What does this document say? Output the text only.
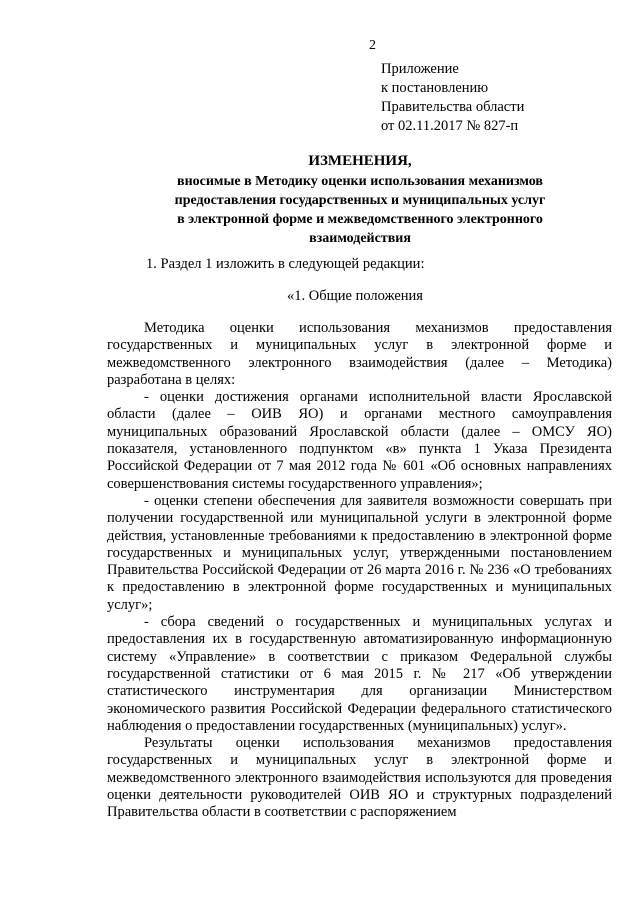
2
Приложение
к постановлению
Правительства области
от 02.11.2017 № 827-п
ИЗМЕНЕНИЯ,
вносимые в Методику оценки использования механизмов
предоставления государственных и муниципальных услуг
в электронной форме и межведомственного электронного
взаимодействия
1. Раздел 1 изложить в следующей редакции:
«1. Общие положения

Методика оценки использования механизмов предоставления государственных и муниципальных услуг в электронной форме и межведомственного электронного взаимодействия (далее – Методика) разработана в целях:

- оценки достижения органами исполнительной власти Ярославской области (далее – ОИВ ЯО) и органами местного самоуправления муниципальных образований Ярославской области (далее – ОМСУ ЯО) показателя, установленного подпунктом «в» пункта 1 Указа Президента Российской Федерации от 7 мая 2012 года № 601 «Об основных направлениях совершенствования системы государственного управления»;

- оценки степени обеспечения для заявителя возможности совершать при получении государственной или муниципальной услуги в электронной форме действия, установленные требованиями к предоставлению в электронной форме государственных и муниципальных услуг, утвержденными постановлением Правительства Российской Федерации от 26 марта 2016 г. № 236 «О требованиях к предоставлению в электронной форме государственных и муниципальных услуг»;

- сбора сведений о государственных и муниципальных услугах и предоставления их в государственную автоматизированную информационную систему «Управление» в соответствии с приказом Федеральной службы государственной статистики от 6 мая 2015 г. № 217 «Об утверждении статистического инструментария для организации Министерством экономического развития Российской Федерации федерального статистического наблюдения о предоставлении государственных (муниципальных) услуг».

Результаты оценки использования механизмов предоставления государственных и муниципальных услуг в электронной форме и межведомственного электронного взаимодействия используются для проведения оценки деятельности руководителей ОИВ ЯО и структурных подразделений Правительства области в соответствии с распоряжением
